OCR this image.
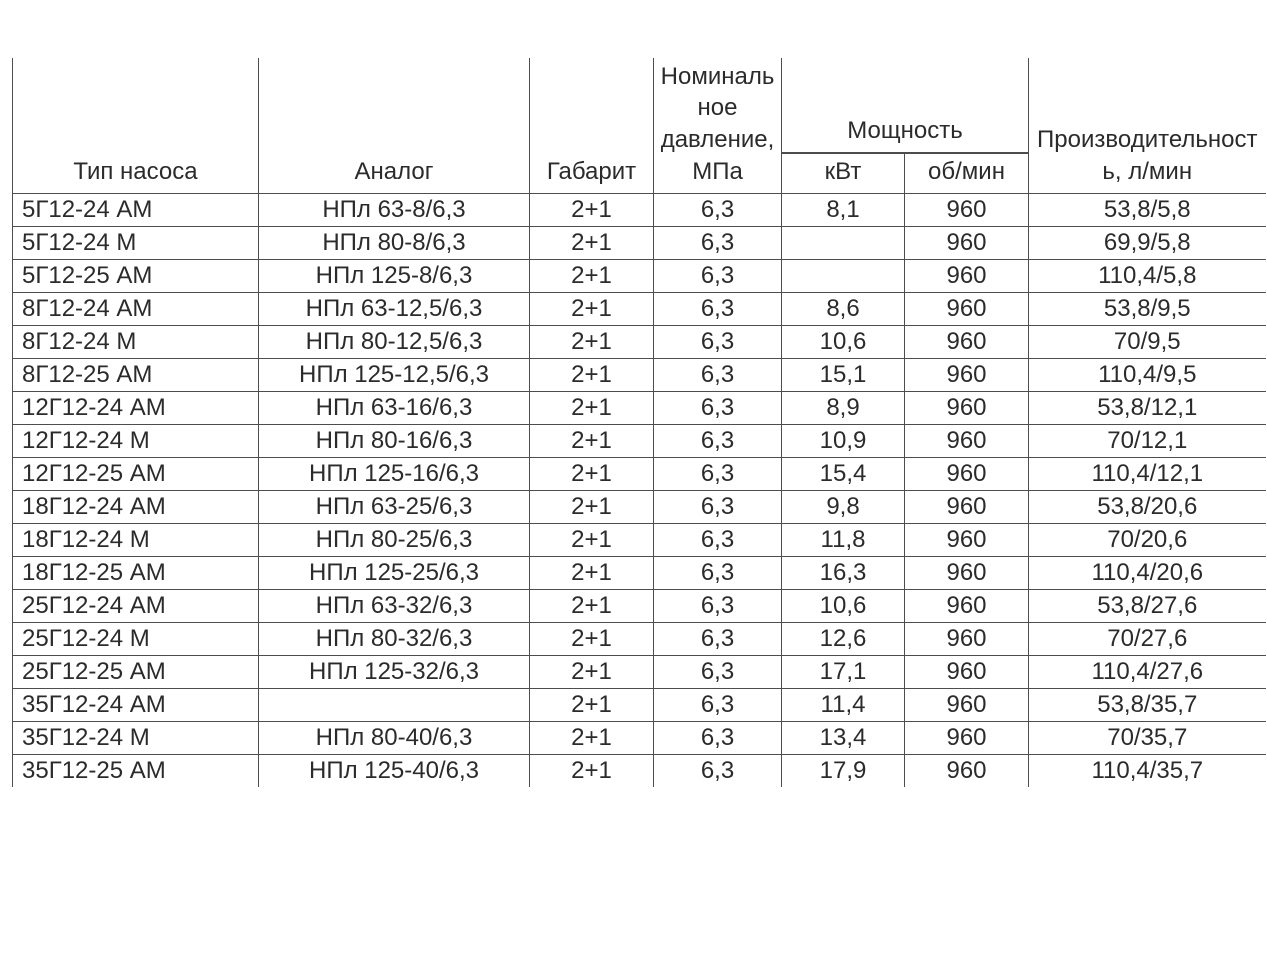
Тип насоса	Аналог	Габарит	Номинальное давление, МПа	Мощность		Производительность, л/мин
				кВт	об/мин	
5Г12-24 АМ	НПл 63-8/6,3	2+1	6,3	8,1	960	53,8/5,8
5Г12-24 М	НПл 80-8/6,3	2+1	6,3		960	69,9/5,8
5Г12-25 АМ	НПл 125-8/6,3	2+1	6,3		960	110,4/5,8
8Г12-24 АМ	НПл 63-12,5/6,3	2+1	6,3	8,6	960	53,8/9,5
8Г12-24 М	НПл 80-12,5/6,3	2+1	6,3	10,6	960	70/9,5
8Г12-25 АМ	НПл 125-12,5/6,3	2+1	6,3	15,1	960	110,4/9,5
12Г12-24 АМ	НПл 63-16/6,3	2+1	6,3	8,9	960	53,8/12,1
12Г12-24 М	НПл 80-16/6,3	2+1	6,3	10,9	960	70/12,1
12Г12-25 АМ	НПл 125-16/6,3	2+1	6,3	15,4	960	110,4/12,1
18Г12-24 АМ	НПл 63-25/6,3	2+1	6,3	9,8	960	53,8/20,6
18Г12-24 М	НПл 80-25/6,3	2+1	6,3	11,8	960	70/20,6
18Г12-25 АМ	НПл 125-25/6,3	2+1	6,3	16,3	960	110,4/20,6
25Г12-24 АМ	НПл 63-32/6,3	2+1	6,3	10,6	960	53,8/27,6
25Г12-24 М	НПл 80-32/6,3	2+1	6,3	12,6	960	70/27,6
25Г12-25 АМ	НПл 125-32/6,3	2+1	6,3	17,1	960	110,4/27,6
35Г12-24 АМ		2+1	6,3	11,4	960	53,8/35,7
35Г12-24 М	НПл 80-40/6,3	2+1	6,3	13,4	960	70/35,7
35Г12-25 АМ	НПл 125-40/6,3	2+1	6,3	17,9	960	110,4/35,7
